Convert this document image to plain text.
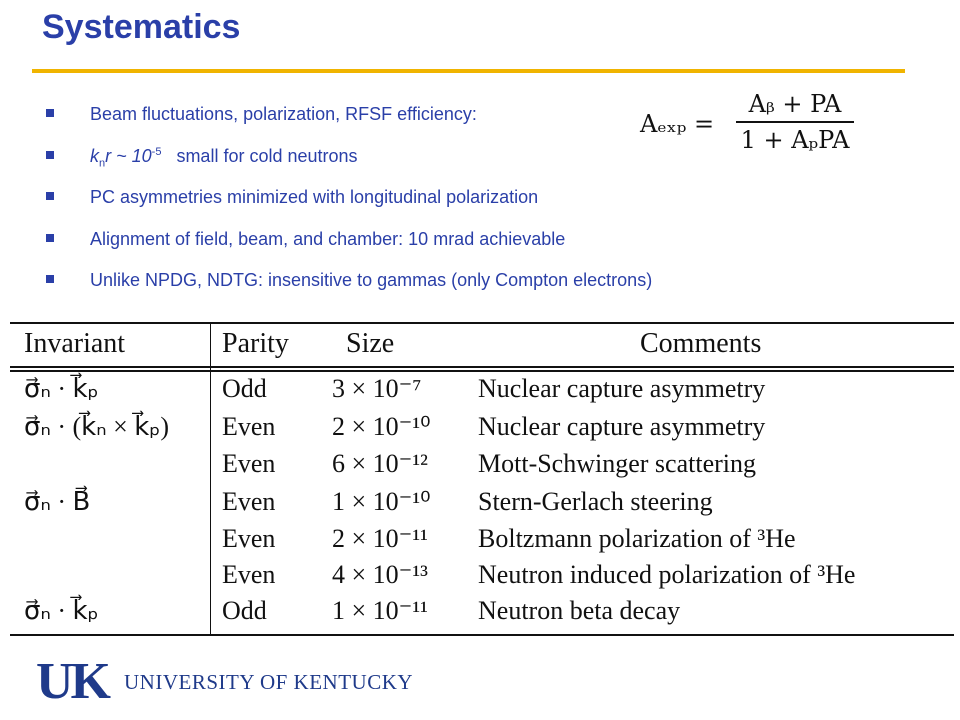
Systematics
Beam fluctuations, polarization, RFSF efficiency:
$k_nr$ ~ $10^{-5}$   small for cold neutrons
PC asymmetries minimized with longitudinal polarization
Alignment of field, beam, and chamber: 10 mrad achievable
Unlike NPDG, NDTG: insensitive to gammas (only Compton electrons)
Aₑₓₚ =
Aᵦ + PA
1 + AₚPA
Invariant	Parity Size	Comments
σ⃗ₙ · k⃗ₚ	Odd	3 × 10⁻⁷ Nuclear capture asymmetry
σ⃗ₙ · (k⃗ₙ × k⃗ₚ) Even 2 × 10⁻¹⁰ Nuclear capture asymmetry
Even 6 × 10⁻¹² Mott-Schwinger scattering
σ⃗ₙ · B⃗	Even 1 × 10⁻¹⁰ Stern-Gerlach steering
Even 2 × 10⁻¹¹ Boltzmann polarization of ³He
Even 4 × 10⁻¹³ Neutron induced polarization of ³He
σ⃗ₙ · k⃗ₚ	Odd	1 × 10⁻¹¹ Neutron beta decay
UK UNIVERSITY OF KENTUCKY
